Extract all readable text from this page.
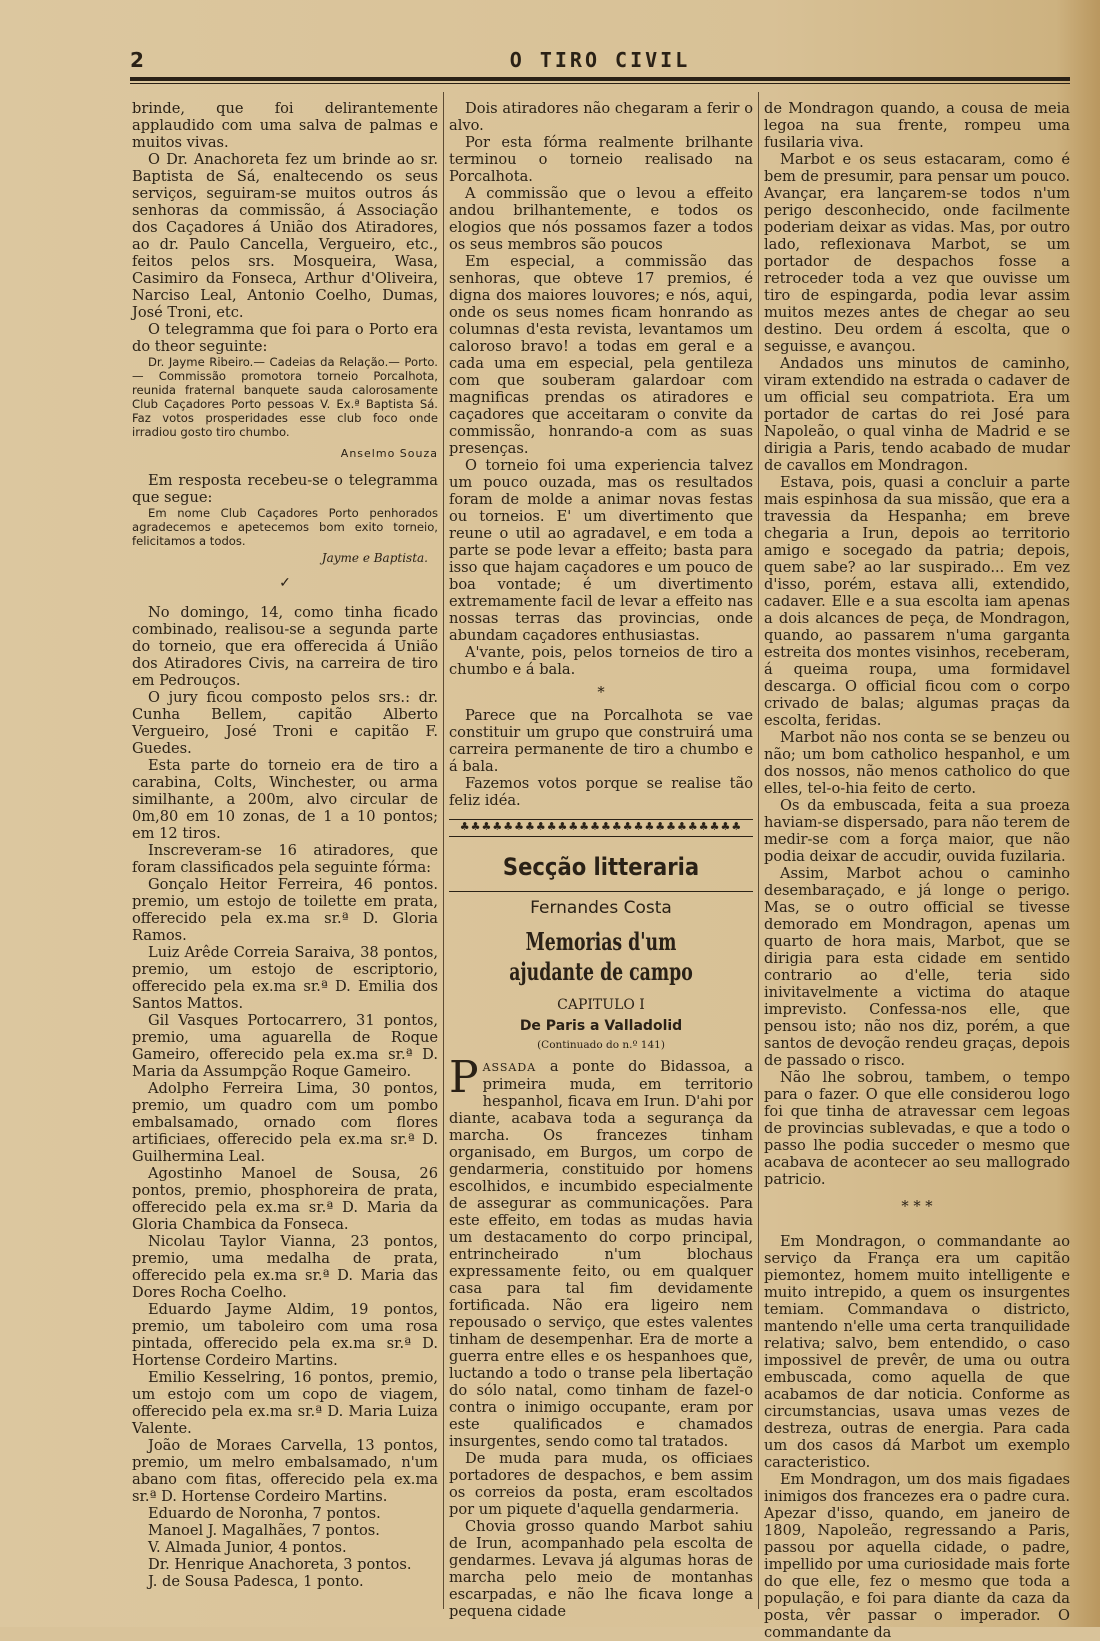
2	O TIRO CIVIL

brinde, que foi delirantemente applaudido com uma salva de palmas e muitos vivas.

O Dr. Anachoreta fez um brinde ao sr. Baptista de Sá, enaltecendo os seus serviços, seguiram-se muitos outros ás senhoras da commissão, á Associação dos Caçadores á União dos Atiradores, ao dr. Paulo Cancella, Vergueiro, etc., feitos pelos srs. Mosqueira, Wasa, Casimiro da Fonseca, Arthur d'Oliveira, Narciso Leal, Antonio Coelho, Dumas, José Troni, etc.

O telegramma que foi para o Porto era do theor seguinte:

Dr. Jayme Ribeiro.— Cadeias da Relação.— Porto.— Commissão promotora torneio Porcalhota, reunida fraternal banquete sauda calorosamente Club Caçadores Porto pessoas V. Ex.ª Baptista Sá. Faz votos prosperidades esse club foco onde irradiou gosto tiro chumbo.

Anselmo Souza

Em resposta recebeu-se o telegramma que segue:

Em nome Club Caçadores Porto penhorados agradecemos e apetecemos bom exito torneio, felicitamos a todos.

Jayme e Baptista.
✓

No domingo, 14, como tinha ficado combinado, realisou-se a segunda parte do torneio, que era offerecida á União dos Atiradores Civis, na carreira de tiro em Pedrouços.

O jury ficou composto pelos srs.: dr. Cunha Bellem, capitão Alberto Vergueiro, José Troni e capitão F. Guedes.

Esta parte do torneio era de tiro a carabina, Colts, Winchester, ou arma similhante, a 200m, alvo circular de 0m,80 em 10 zonas, de 1 a 10 pontos; em 12 tiros.

Inscreveram-se 16 atiradores, que foram classificados pela seguinte fórma:

Gonçalo Heitor Ferreira, 46 pontos. premio, um estojo de toilette em prata, offerecido pela ex.ma sr.ª D. Gloria Ramos.

Luiz Arêde Correia Saraiva, 38 pontos, premio, um estojo de escriptorio, offerecido pela ex.ma sr.ª D. Emilia dos Santos Mattos.

Gil Vasques Portocarrero, 31 pontos, premio, uma aguarella de Roque Gameiro, offerecido pela ex.ma sr.ª D. Maria da Assumpção Roque Gameiro.

Adolpho Ferreira Lima, 30 pontos, premio, um quadro com um pombo embalsamado, ornado com flores artificiaes, offerecido pela ex.ma sr.ª D. Guilhermina Leal.

Agostinho Manoel de Sousa, 26 pontos, premio, phosphoreira de prata, offerecido pela ex.ma sr.ª D. Maria da Gloria Chambica da Fonseca.

Nicolau Taylor Vianna, 23 pontos, premio, uma medalha de prata, offerecido pela ex.ma sr.ª D. Maria das Dores Rocha Coelho.

Eduardo Jayme Aldim, 19 pontos, premio, um taboleiro com uma rosa pintada, offerecido pela ex.ma sr.ª D. Hortense Cordeiro Martins.

Emilio Kesselring, 16 pontos, premio, um estojo com um copo de viagem, offerecido pela ex.ma sr.ª D. Maria Luiza Valente.

João de Moraes Carvella, 13 pontos, premio, um melro embalsamado, n'um abano com fitas, offerecido pela ex.ma sr.ª D. Hortense Cordeiro Martins.

Eduardo de Noronha, 7 pontos.

Manoel J. Magalhães, 7 pontos.

V. Almada Junior, 4 pontos.

Dr. Henrique Anachoreta, 3 pontos.

J. de Sousa Padesca, 1 ponto.

Dois atiradores não chegaram a ferir o alvo.

Por esta fórma realmente brilhante terminou o torneio realisado na Porcalhota.

A commissão que o levou a effeito andou brilhantemente, e todos os elogios que nós possamos fazer a todos os seus membros são poucos

Em especial, a commissão das senhoras, que obteve 17 premios, é digna dos maiores louvores; e nós, aqui, onde os seus nomes ficam honrando as columnas d'esta revista, levantamos um caloroso bravo! a todas em geral e a cada uma em especial, pela gentileza com que souberam galardoar com magnificas prendas os atiradores e caçadores que acceitaram o convite da commissão, honrando-a com as suas presenças.

O torneio foi uma experiencia talvez um pouco ouzada, mas os resultados foram de molde a animar novas festas ou torneios. E' um divertimento que reune o util ao agradavel, e em toda a parte se pode levar a effeito; basta para isso que hajam caçadores e um pouco de boa vontade; é um divertimento extremamente facil de levar a effeito nas nossas terras das provincias, onde abundam caçadores enthusiastas.

A'vante, pois, pelos torneios de tiro a chumbo e á bala.

*

Parece que na Porcalhota se vae constituir um grupo que construirá uma carreira permanente de tiro a chumbo e á bala.

Fazemos votos porque se realise tão feliz idéa.

♣♣♣♣♣♣♣♣♣♣♣♣♣♣♣♣♣♣♣♣♣♣♣♣♣♣
Secção litteraria
Fernandes Costa
Memorias d'um ajudante de campo
CAPITULO I
De Paris a Valladolid
(Continuado do n.º 141)

PASSADA a ponte do Bidassoa, a primeira muda, em territorio hespanhol, ficava em Irun. D'ahi por diante, acabava toda a segurança da marcha. Os francezes tinham organisado, em Burgos, um corpo de gendarmeria, constituido por homens escolhidos, e incumbido especialmente de assegurar as communicações. Para este effeito, em todas as mudas havia um destacamento do corpo principal, entrincheirado n'um blochaus expressamente feito, ou em qualquer casa para tal fim devidamente fortificada. Não era ligeiro nem repousado o serviço, que estes valentes tinham de desempenhar. Era de morte a guerra entre elles e os hespanhoes que, luctando a todo o transe pela libertação do sólo natal, como tinham de fazel-o contra o inimigo occupante, eram por este qualificados e chamados insurgentes, sendo como tal tratados.

De muda para muda, os officiaes portadores de despachos, e bem assim os correios da posta, eram escoltados por um piquete d'aquella gendarmeria.

Chovia grosso quando Marbot sahiu de Irun, acompanhado pela escolta de gendarmes. Levava já algumas horas de marcha pelo meio de montanhas escarpadas, e não lhe ficava longe a pequena cidade

de Mondragon quando, a cousa de meia legoa na sua frente, rompeu uma fusilaria viva.

Marbot e os seus estacaram, como é bem de presumir, para pensar um pouco. Avançar, era lançarem-se todos n'um perigo desconhecido, onde facilmente poderiam deixar as vidas. Mas, por outro lado, reflexionava Marbot, se um portador de despachos fosse a retroceder toda a vez que ouvisse um tiro de espingarda, podia levar assim muitos mezes antes de chegar ao seu destino. Deu ordem á escolta, que o seguisse, e avançou.

Andados uns minutos de caminho, viram extendido na estrada o cadaver de um official seu compatriota. Era um portador de cartas do rei José para Napoleão, o qual vinha de Madrid e se dirigia a Paris, tendo acabado de mudar de cavallos em Mondragon.

Estava, pois, quasi a concluir a parte mais espinhosa da sua missão, que era a travessia da Hespanha; em breve chegaria a Irun, depois ao territorio amigo e socegado da patria; depois, quem sabe? ao lar suspirado... Em vez d'isso, porém, estava alli, extendido, cadaver. Elle e a sua escolta iam apenas a dois alcances de peça, de Mondragon, quando, ao passarem n'uma garganta estreita dos montes visinhos, receberam, á queima roupa, uma formidavel descarga. O official ficou com o corpo crivado de balas; algumas praças da escolta, feridas.

Marbot não nos conta se se benzeu ou não; um bom catholico hespanhol, e um dos nossos, não menos catholico do que elles, tel-o-hia feito de certo.

Os da embuscada, feita a sua proeza haviam-se dispersado, para não terem de medir-se com a força maior, que não podia deixar de accudir, ouvida fuzilaria.

Assim, Marbot achou o caminho desembaraçado, e já longe o perigo. Mas, se o outro official se tivesse demorado em Mondragon, apenas um quarto de hora mais, Marbot, que se dirigia para esta cidade em sentido contrario ao d'elle, teria sido inivitavelmente a victima do ataque imprevisto. Confessa-nos elle, que pensou isto; não nos diz, porém, a que santos de devoção rendeu graças, depois de passado o risco.

Não lhe sobrou, tambem, o tempo para o fazer. O que elle considerou logo foi que tinha de atravessar cem legoas de provincias sublevadas, e que a todo o passo lhe podia succeder o mesmo que acabava de acontecer ao seu mallogrado patricio.

* * *

Em Mondragon, o commandante ao serviço da França era um capitão piemontez, homem muito intelligente e muito intrepido, a quem os insurgentes temiam. Commandava o districto, mantendo n'elle uma certa tranquilidade relativa; salvo, bem entendido, o caso impossivel de prevêr, de uma ou outra embuscada, como aquella de que acabamos de dar noticia. Conforme as circumstancias, usava umas vezes de destreza, outras de energia. Para cada um dos casos dá Marbot um exemplo caracteristico.

Em Mondragon, um dos mais figadaes inimigos dos francezes era o padre cura. Apezar d'isso, quando, em janeiro de 1809, Napoleão, regressando a Paris, passou por aquella cidade, o padre, impellido por uma curiosidade mais forte do que elle, fez o mesmo que toda a população, e foi para diante da caza da posta, vêr passar o imperador. O commandante da
